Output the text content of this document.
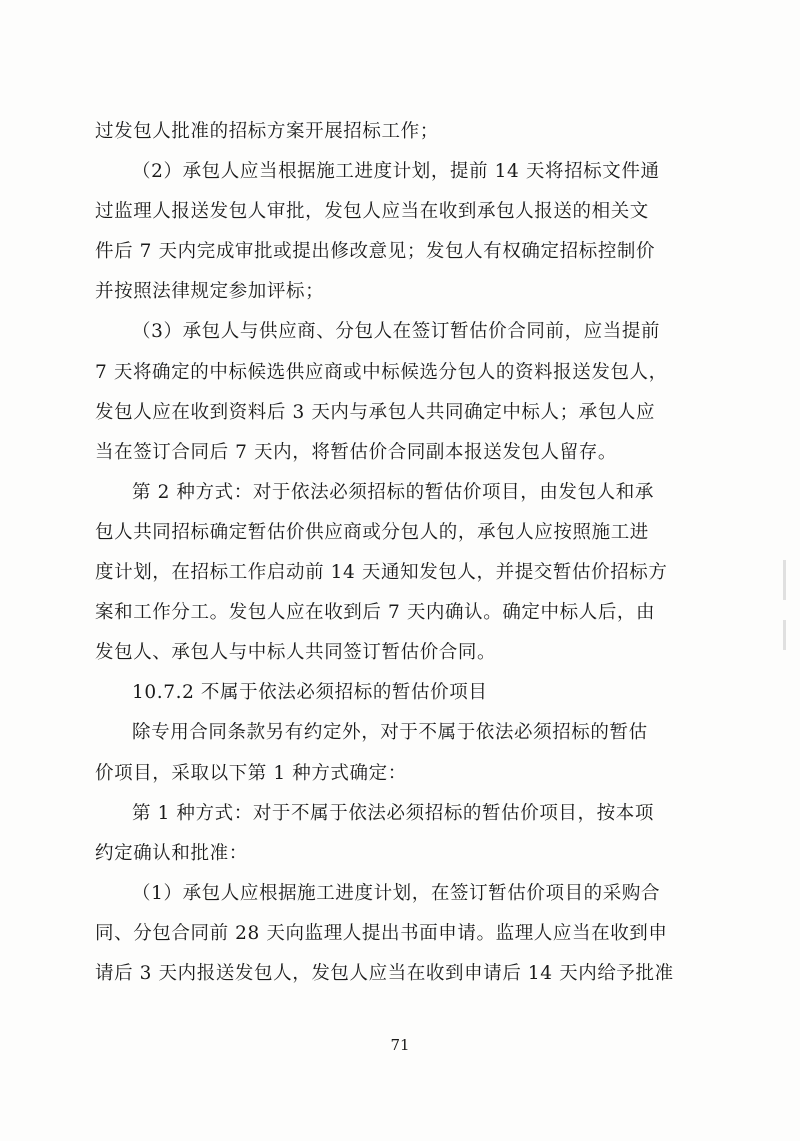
过发包人批准的招标方案开展招标工作；
（2）承包人应当根据施工进度计划，提前 14 天将招标文件通
过监理人报送发包人审批，发包人应当在收到承包人报送的相关文
件后 7 天内完成审批或提出修改意见；发包人有权确定招标控制价
并按照法律规定参加评标；
（3）承包人与供应商、分包人在签订暂估价合同前，应当提前
7 天将确定的中标候选供应商或中标候选分包人的资料报送发包人，
发包人应在收到资料后 3 天内与承包人共同确定中标人；承包人应
当在签订合同后 7 天内，将暂估价合同副本报送发包人留存。
第 2 种方式：对于依法必须招标的暂估价项目，由发包人和承
包人共同招标确定暂估价供应商或分包人的，承包人应按照施工进
度计划，在招标工作启动前 14 天通知发包人，并提交暂估价招标方
案和工作分工。发包人应在收到后 7 天内确认。确定中标人后，由
发包人、承包人与中标人共同签订暂估价合同。
10.7.2 不属于依法必须招标的暂估价项目
除专用合同条款另有约定外，对于不属于依法必须招标的暂估
价项目，采取以下第 1 种方式确定：
第 1 种方式：对于不属于依法必须招标的暂估价项目，按本项
约定确认和批准：
（1）承包人应根据施工进度计划，在签订暂估价项目的采购合
同、分包合同前 28 天向监理人提出书面申请。监理人应当在收到申
请后 3 天内报送发包人，发包人应当在收到申请后 14 天内给予批准
71
